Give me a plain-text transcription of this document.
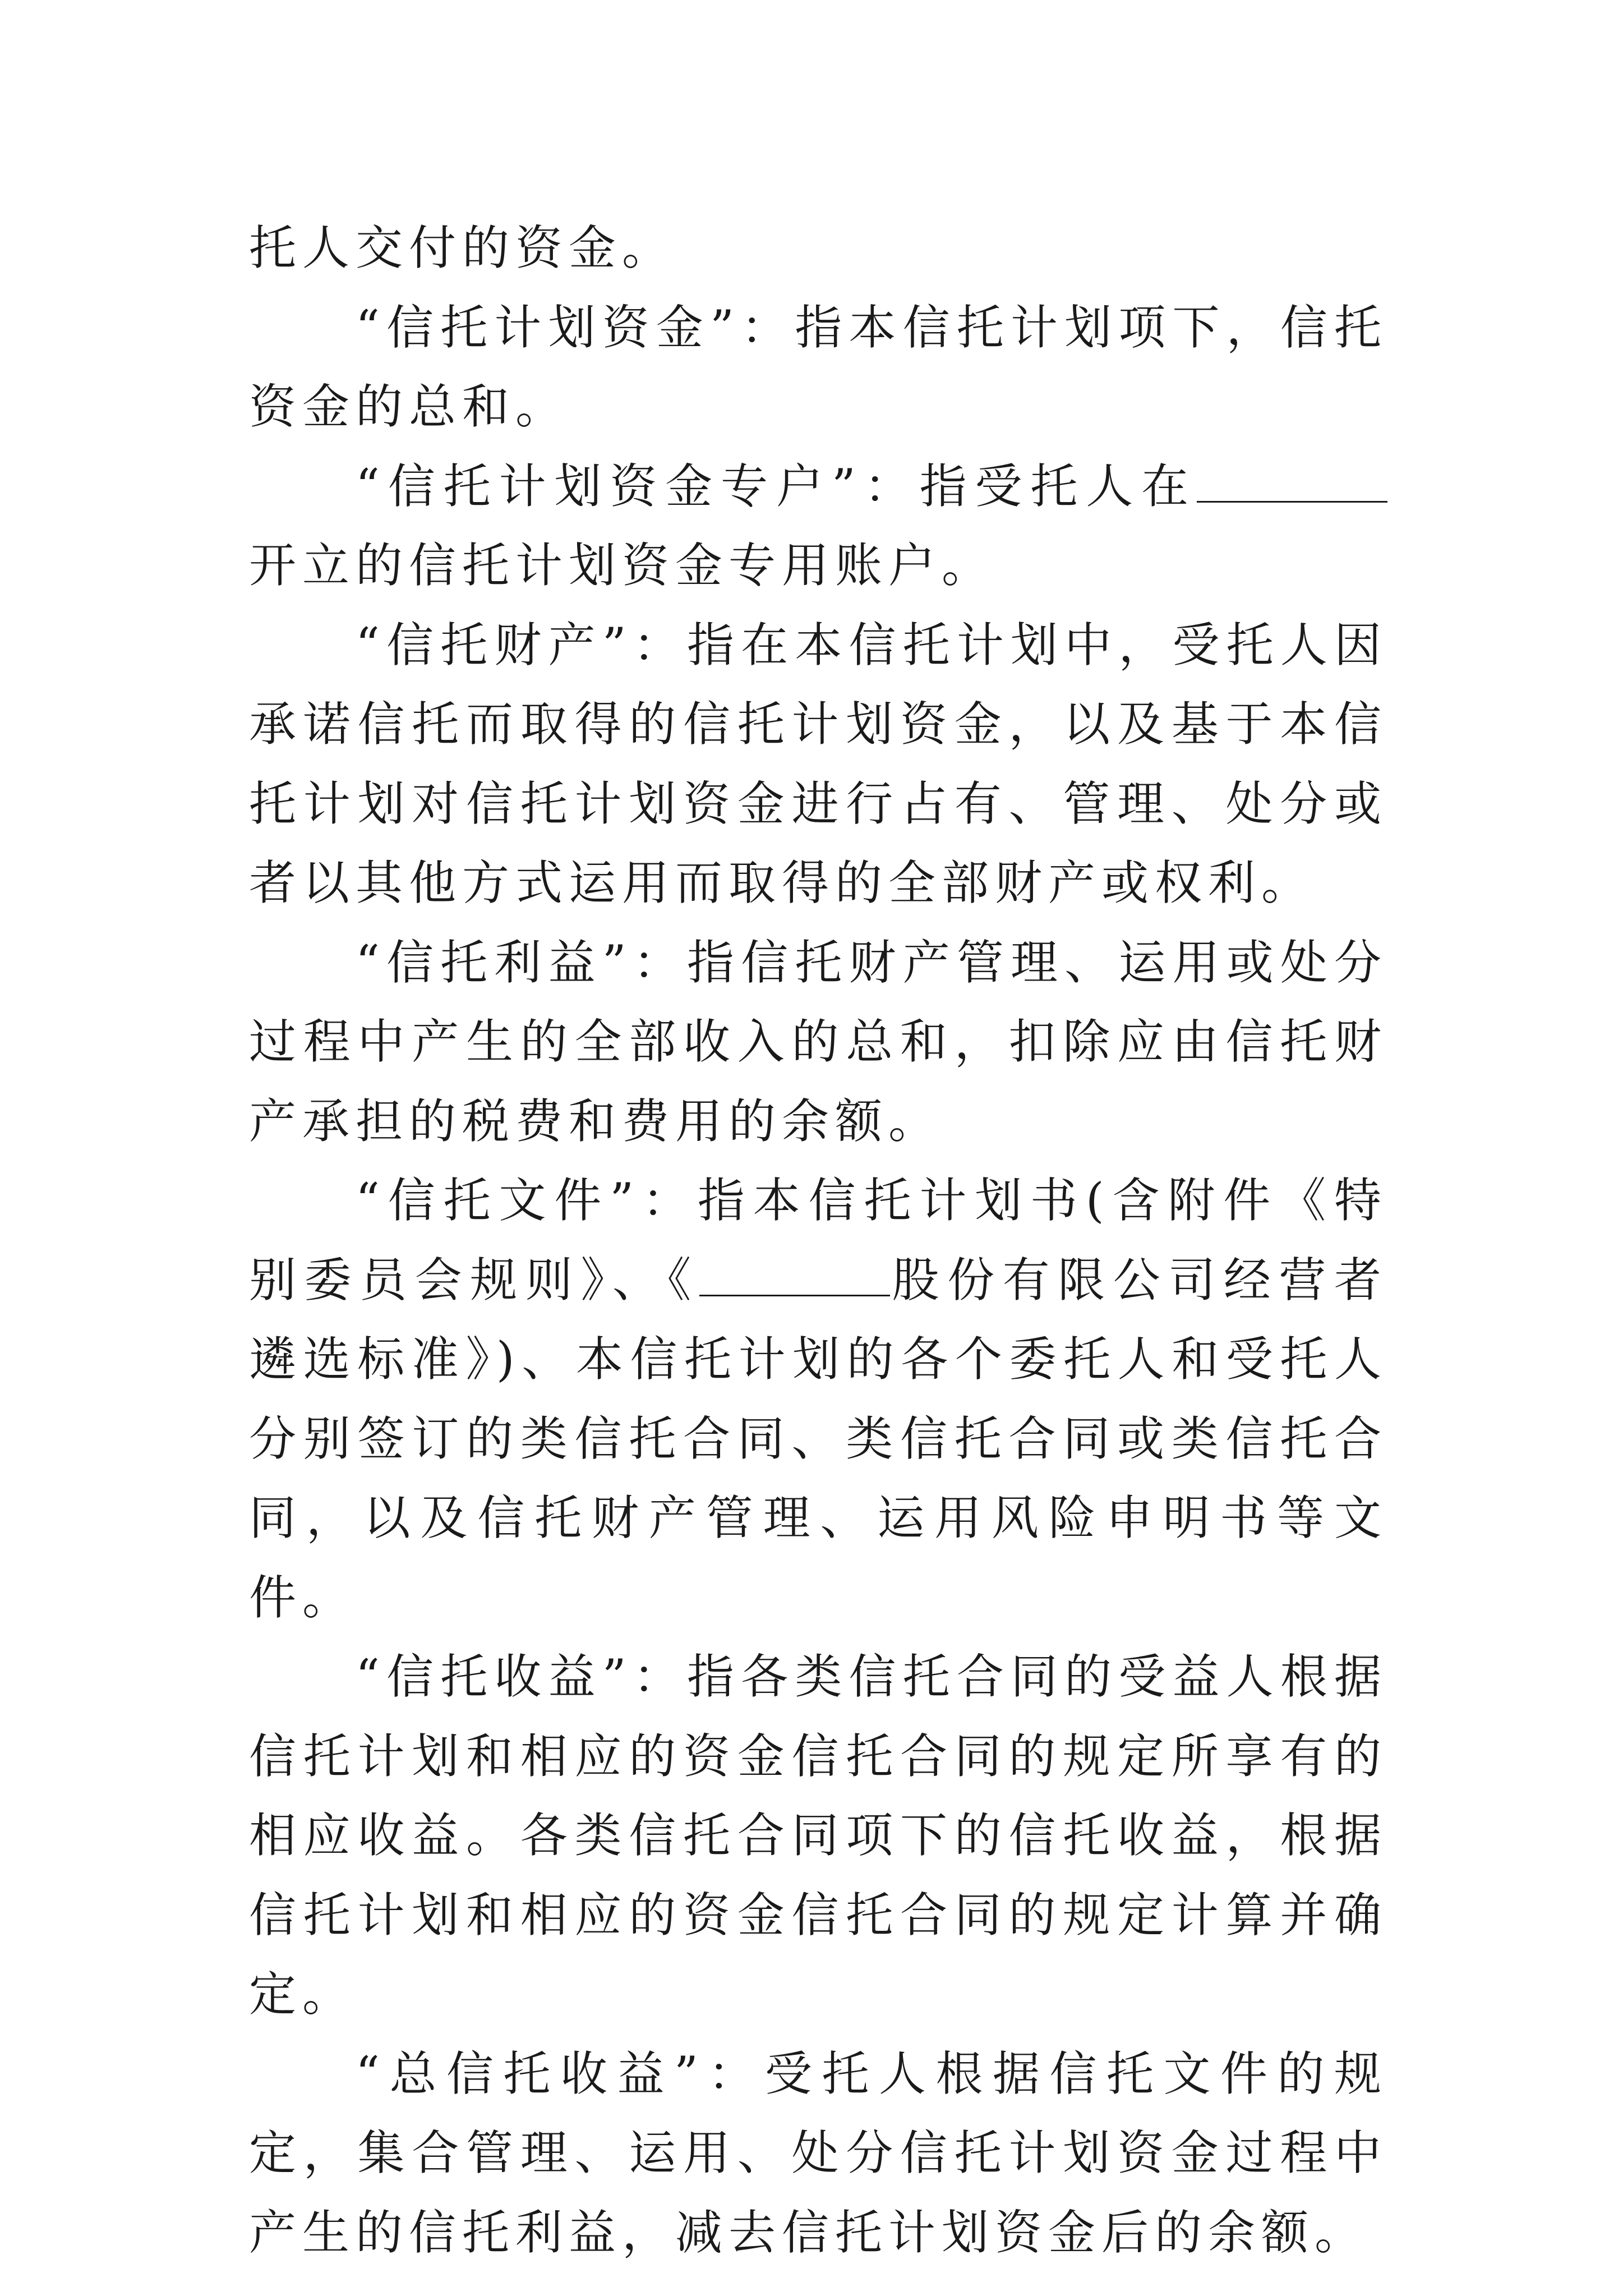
托人交付的资金。

“信托计划资金”：指本信托计划项下，信托资金的总和。

“信托计划资金专户”：指受托人在开立的信托计划资金专用账户。

“信托财产”：指在本信托计划中，受托人因承诺信托而取得的信托计划资金，以及基于本信托计划对信托计划资金进行占有、管理、处分或者以其他方式运用而取得的全部财产或权利。

“信托利益”：指信托财产管理、运用或处分过程中产生的全部收入的总和，扣除应由信托财产承担的税费和费用的余额。

“信托文件”：指本信托计划书(含附件《特别委员会规则》、《	股份有限公司经营者遴选标准》)、本信托计划的各个委托人和受托人分别签订的类信托合同、类信托合同或类信托合同，以及信托财产管理、运用风险申明书等文件。

“信托收益”：指各类信托合同的受益人根据信托计划和相应的资金信托合同的规定所享有的相应收益。各类信托合同项下的信托收益，根据信托计划和相应的资金信托合同的规定计算并确定。

“总信托收益”：受托人根据信托文件的规定，集合管理、运用、处分信托计划资金过程中产生的信托利益，减去信托计划资金后的余额。
